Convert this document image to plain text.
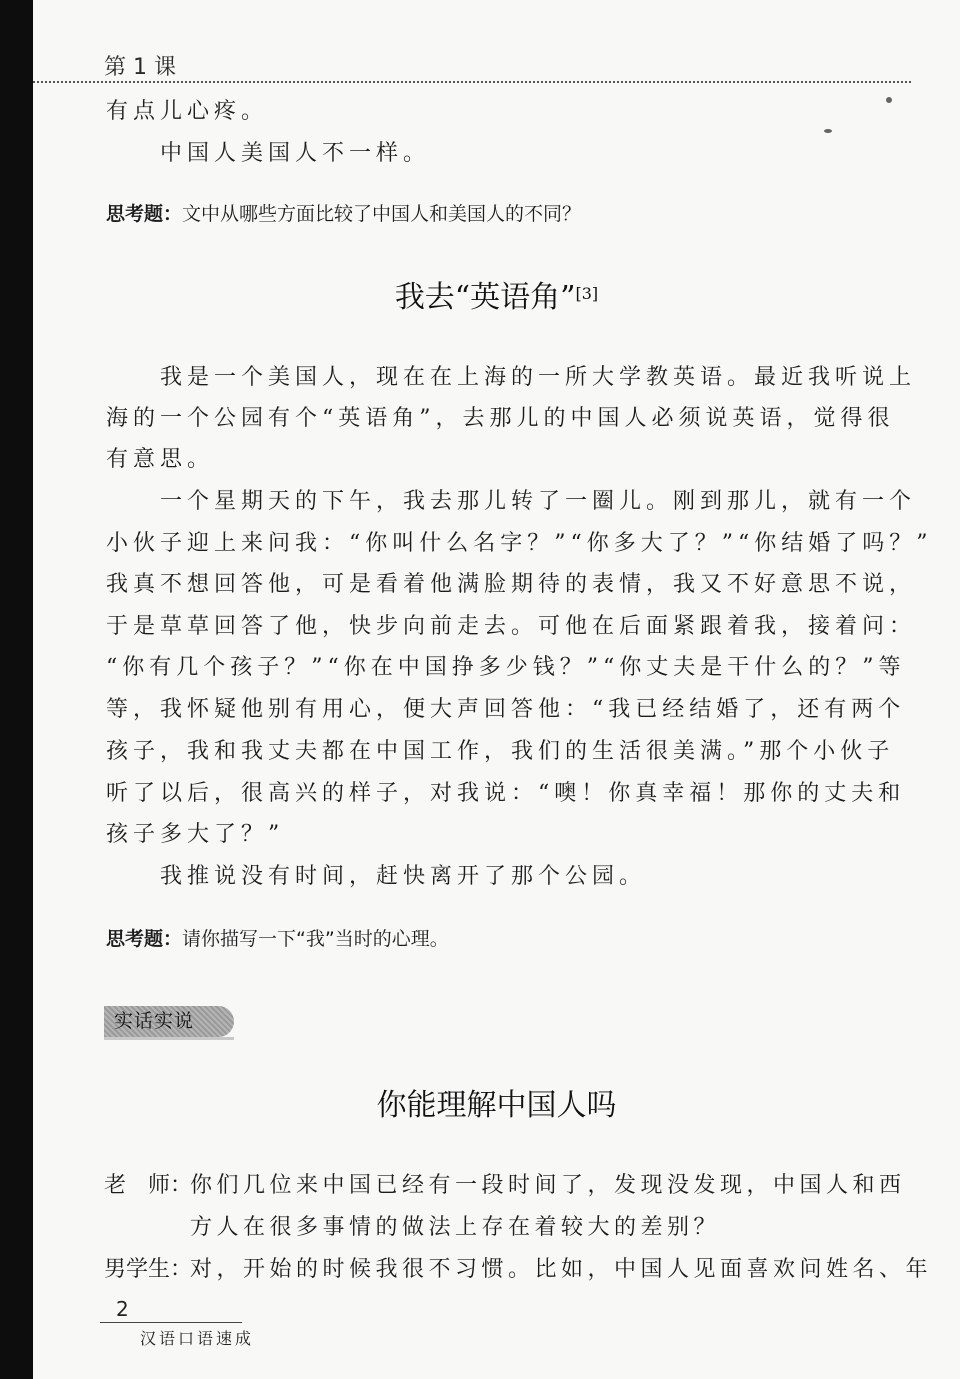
第 1 课
有点儿心疼。
中国人美国人不一样。
思考题：文中从哪些方面比较了中国人和美国人的不同？
我去“英语角”[3]
我是一个美国人，现在在上海的一所大学教英语。最近我听说上
海的一个公园有个“英语角”，去那儿的中国人必须说英语，觉得很
有意思。
一个星期天的下午，我去那儿转了一圈儿。刚到那儿，就有一个
小伙子迎上来问我：“你叫什么名字？”“你多大了？”“你结婚了吗？”
我真不想回答他，可是看着他满脸期待的表情，我又不好意思不说，
于是草草回答了他，快步向前走去。可他在后面紧跟着我，接着问：
“你有几个孩子？”“你在中国挣多少钱？”“你丈夫是干什么的？”等
等，我怀疑他别有用心，便大声回答他：“我已经结婚了，还有两个
孩子，我和我丈夫都在中国工作，我们的生活很美满。”那个小伙子
听了以后，很高兴的样子，对我说：“噢！你真幸福！那你的丈夫和
孩子多大了？”
我推说没有时间，赶快离开了那个公园。
思考题：请你描写一下“我”当时的心理。
实话实说
你能理解中国人吗
老　师：
你们几位来中国已经有一段时间了，发现没发现，中国人和西
方人在很多事情的做法上存在着较大的差别？
男学生：
对，开始的时候我很不习惯。比如，中国人见面喜欢问姓名、年
2
汉语口语速成
